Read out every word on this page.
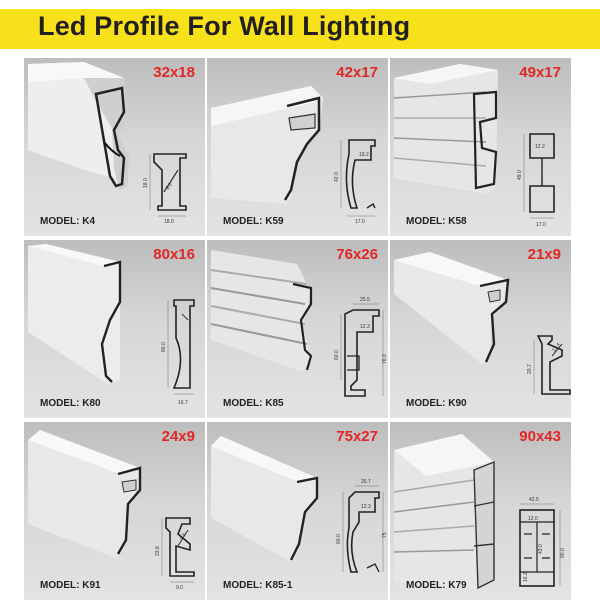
Led Profile For Wall Lighting
18.0
18.0	9.0
32x18
MODEL: K4	17.0
42.0
19.2
42x17
MODEL: K59	17.0
49.0
12.2
49x17
MODEL: K58
16.7
80.0
80x16
MODEL: K80
25.5
60.0	76.0
12.3
76x26
MODEL: K85
20.7
13.4
21x9
MODEL: K90
23.8
9.6
9.0
24x9
MODEL: K91
26.7
60.0	75
12.3
75x27
MODEL: K85-1
42.5
90.0
43.0
12.0
16.2
90x43
MODEL: K79
